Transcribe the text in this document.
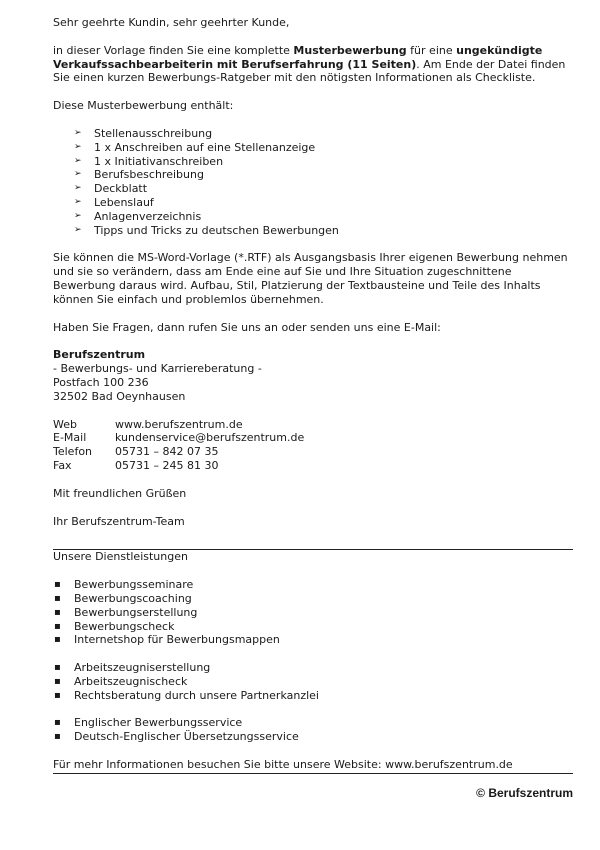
Sehr geehrte Kundin, sehr geehrter Kunde,

in dieser Vorlage finden Sie eine komplette Musterbewerbung für eine ungekündigte Verkaufssachbearbeiterin mit Berufserfahrung (11 Seiten). Am Ende der Datei finden Sie einen kurzen Bewerbungs-Ratgeber mit den nötigsten Informationen als Checkliste.

Diese Musterbewerbung enthält:

➢ Stellenausschreibung
➢ 1 x Anschreiben auf eine Stellenanzeige
➢ 1 x Initiativanschreiben
➢ Berufsbeschreibung
➢ Deckblatt
➢ Lebenslauf
➢ Anlagenverzeichnis
➢ Tipps und Tricks zu deutschen Bewerbungen

Sie können die MS-Word-Vorlage (*.RTF) als Ausgangsbasis Ihrer eigenen Bewerbung nehmen und sie so verändern, dass am Ende eine auf Sie und Ihre Situation zugeschnittene Bewerbung daraus wird. Aufbau, Stil, Platzierung der Textbausteine und Teile des Inhalts können Sie einfach und problemlos übernehmen.

Haben Sie Fragen, dann rufen Sie uns an oder senden uns eine E-Mail:

Berufszentrum

- Bewerbungs- und Karriereberatung -

Postfach 100 236

32502 Bad Oeynhausen

Web	www.berufszentrum.de
E-Mail	kundenservice@berufszentrum.de
Telefon	05731 – 842 07 35
Fax	05731 – 245 81 30

Mit freundlichen Grüßen

Ihr Berufszentrum-Team

Unsere Dienstleistungen

▪ Bewerbungsseminare
▪ Bewerbungscoaching
▪ Bewerbungserstellung
▪ Bewerbungscheck
▪ Internetshop für Bewerbungsmappen
▪ Arbeitszeugniserstellung
▪ Arbeitszeugnischeck
▪ Rechtsberatung durch unsere Partnerkanzlei
▪ Englischer Bewerbungsservice
▪ Deutsch-Englischer Übersetzungsservice

Für mehr Informationen besuchen Sie bitte unsere Website: www.berufszentrum.de

© Berufszentrum
